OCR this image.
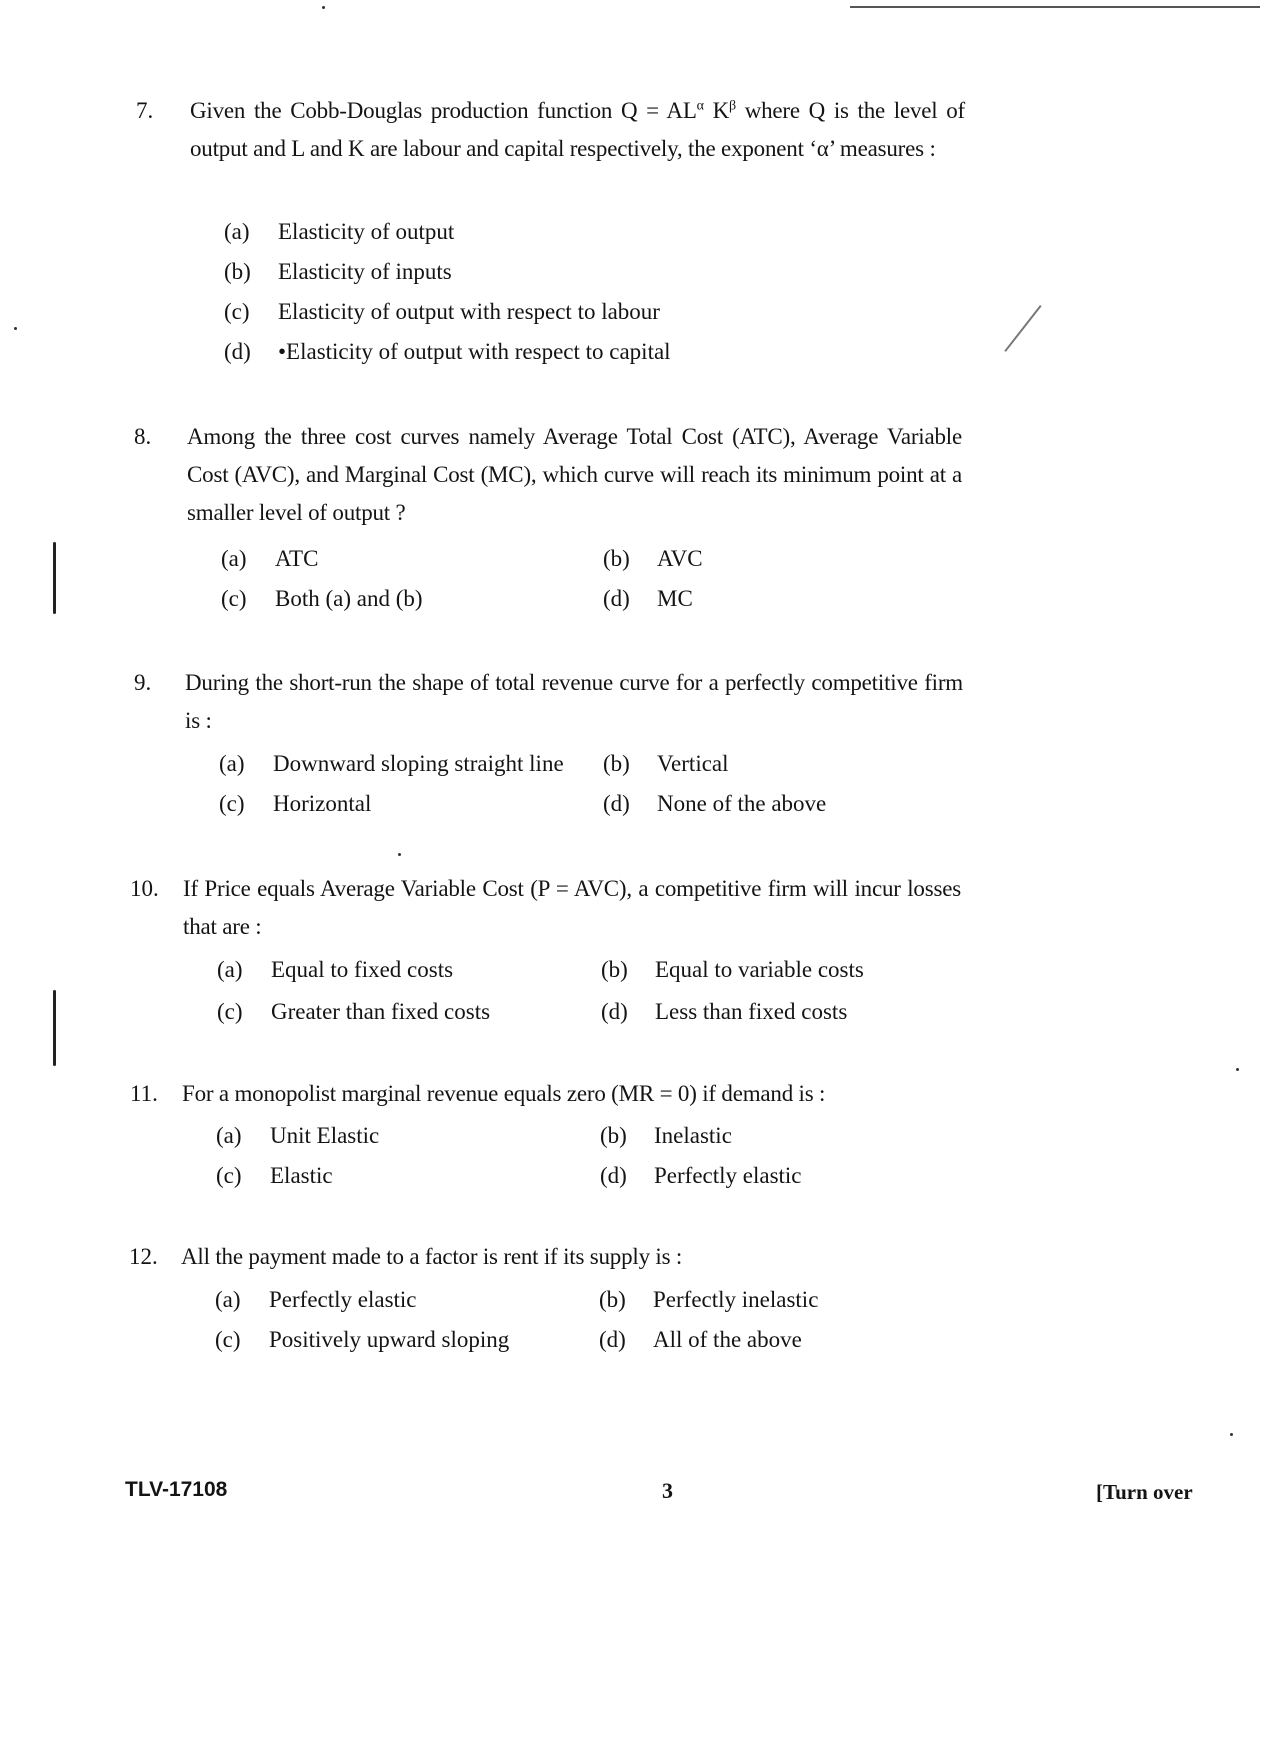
7.	Given the Cobb-Douglas production function $Q = AL^\alpha$ $K^\beta$ where Q is the level of output and L and K are labour and capital respectively, the exponent ‘α’ measures :
(a) Elasticity of output
(b) Elasticity of inputs
(c) Elasticity of output with respect to labour
(d) •Elasticity of output with respect to capital
8.	Among the three cost curves namely Average Total Cost (ATC), Average Variable Cost (AVC), and Marginal Cost (MC), which curve will reach its minimum point at a smaller level of output ?
(a) ATC	(b) AVC
(c) Both (a) and (b)	(d) MC
9.	During the short-run the shape of total revenue curve for a perfectly competitive firm is :
(a) Downward sloping straight line (b) Vertical
(c) Horizontal	(d) None of the above
10.	If Price equals Average Variable Cost (P = AVC), a competitive firm will incur losses that are :
(a) Equal to fixed costs	(b) Equal to variable costs
(c) Greater than fixed costs	(d) Less than fixed costs
11.	For a monopolist marginal revenue equals zero (MR = 0) if demand is :
(a) Unit Elastic	(b) Inelastic
(c) Elastic	(d) Perfectly elastic
12.	All the payment made to a factor is rent if its supply is :
(a) Perfectly elastic	(b) Perfectly inelastic
(c) Positively upward sloping	(d) All of the above
TLV-17108	3	[Turn over
